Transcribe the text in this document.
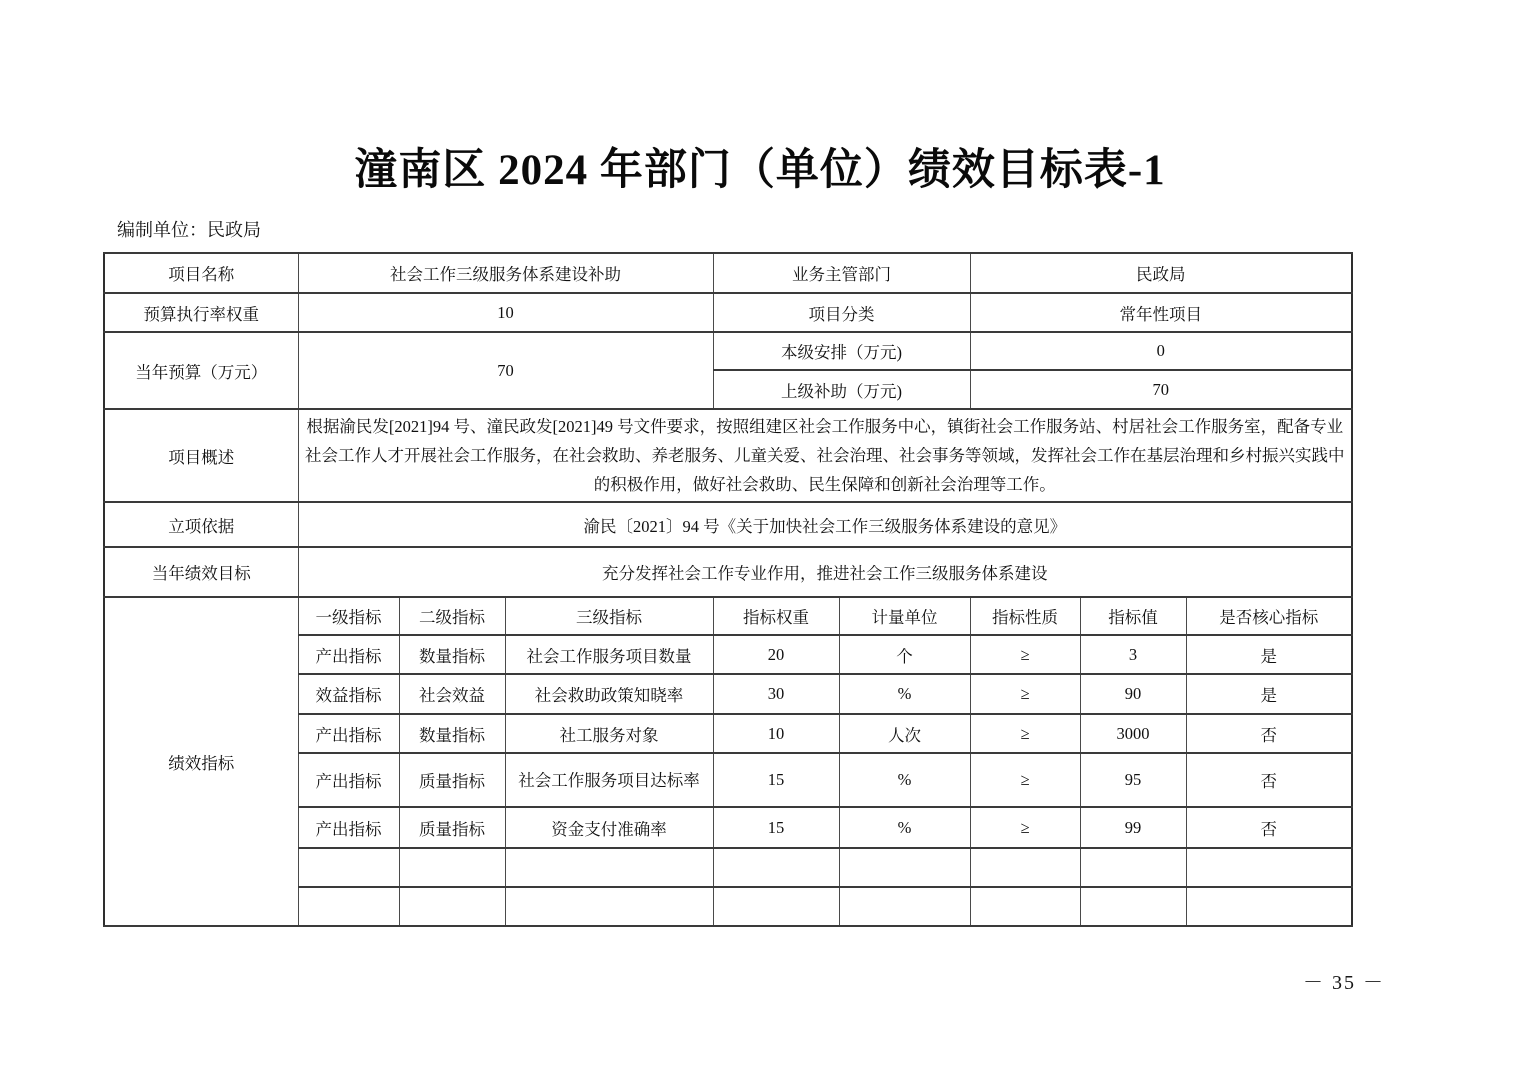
潼南区 2024 年部门（单位）绩效目标表-1
编制单位：民政局
项目名称	社会工作三级服务体系建设补助			业务主管部门		民政局		
预算执行率权重	10			项目分类		常年性项目		
当年预算（万元）	70			本级安排（万元)		0		
				上级补助（万元)		70		
项目概述	根据渝民发[2021]94 号、潼民政发[2021]49 号文件要求，按照组建区社会工作服务中心，镇街社会工作服务站、村居社会工作服务室，配备专业社会工作人才开展社会工作服务，在社会救助、养老服务、儿童关爱、社会治理、社会事务等领域，发挥社会工作在基层治理和乡村振兴实践中的积极作用，做好社会救助、民生保障和创新社会治理等工作。							
立项依据	渝民〔2021〕94 号《关于加快社会工作三级服务体系建设的意见》							
当年绩效目标	充分发挥社会工作专业作用，推进社会工作三级服务体系建设							
绩效指标	一级指标	二级指标	三级指标	指标权重	计量单位	指标性质	指标值	是否核心指标
	产出指标	数量指标	社会工作服务项目数量	20	个	≥	3	是
	效益指标	社会效益	社会救助政策知晓率	30	%	≥	90	是
	产出指标	数量指标	社工服务对象	10	人次	≥	3000	否
	产出指标	质量指标	社会工作服务项目达标率	15	%	≥	95	否
	产出指标	质量指标	资金支付准确率	15	%	≥	99	否

－ 35 －
